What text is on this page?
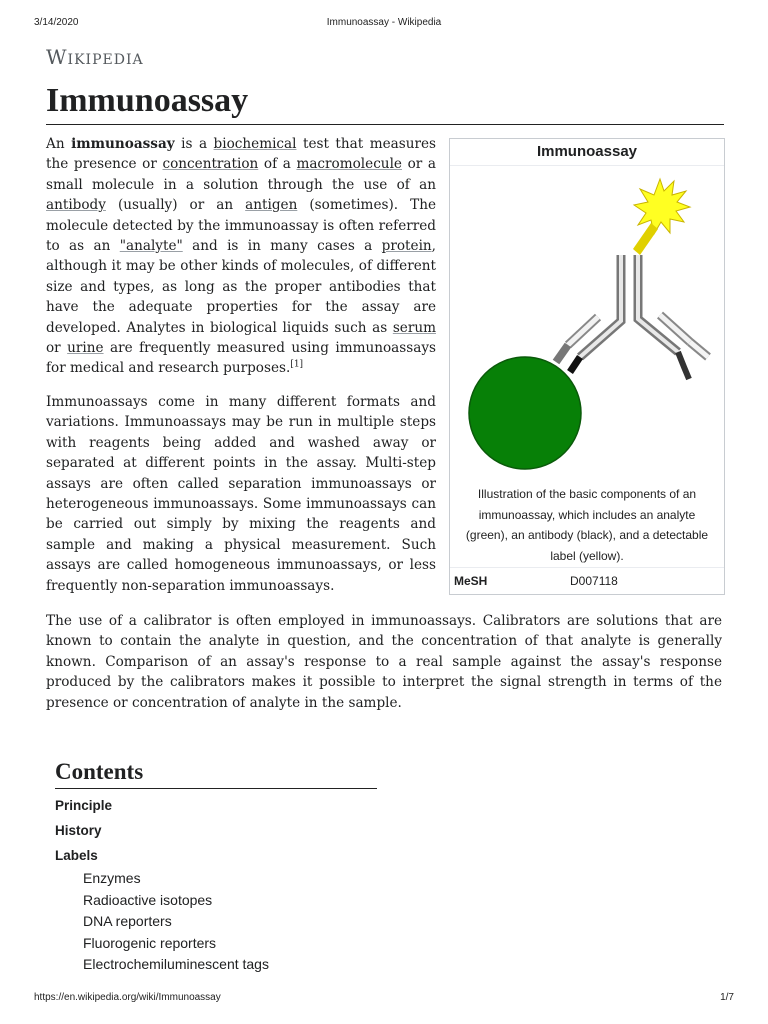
3/14/2020	Immunoassay - Wikipedia
Wikipedia
Immunoassay

An immunoassay is a biochemical test that measures the presence or concentration of a macromolecule or a small molecule in a solution through the use of an antibody (usually) or an antigen (sometimes). The molecule detected by the immunoassay is often referred to as an "analyte" and is in many cases a protein, although it may be other kinds of molecules, of different size and types, as long as the proper antibodies that have the adequate properties for the assay are developed. Analytes in biological liquids such as serum or urine are frequently measured using immunoassays for medical and research purposes.[1]

Immunoassays come in many different formats and variations. Immunoassays may be run in multiple steps with reagents being added and washed away or separated at different points in the assay. Multi-step assays are often called separation immunoassays or heterogeneous immunoassays. Some immunoassays can be carried out simply by mixing the reagents and sample and making a physical measurement. Such assays are called homogeneous immunoassays, or less frequently non-separation immunoassays.

The use of a calibrator is often employed in immunoassays. Calibrators are solutions that are known to contain the analyte in question, and the concentration of that analyte is generally known. Comparison of an assay's response to a real sample against the assay's response produced by the calibrators makes it possible to interpret the signal strength in terms of the presence or concentration of analyte in the sample.

Immunoassay
Illustration of the basic components of an immunoassay, which includes an analyte (green), an antibody (black), and a detectable label (yellow).
MeSH	D007118
Contents

Principle

History

Labels

Enzymes

Radioactive isotopes

DNA reporters

Fluorogenic reporters

Electrochemiluminescent tags

https://en.wikipedia.org/wiki/Immunoassay	1/7
